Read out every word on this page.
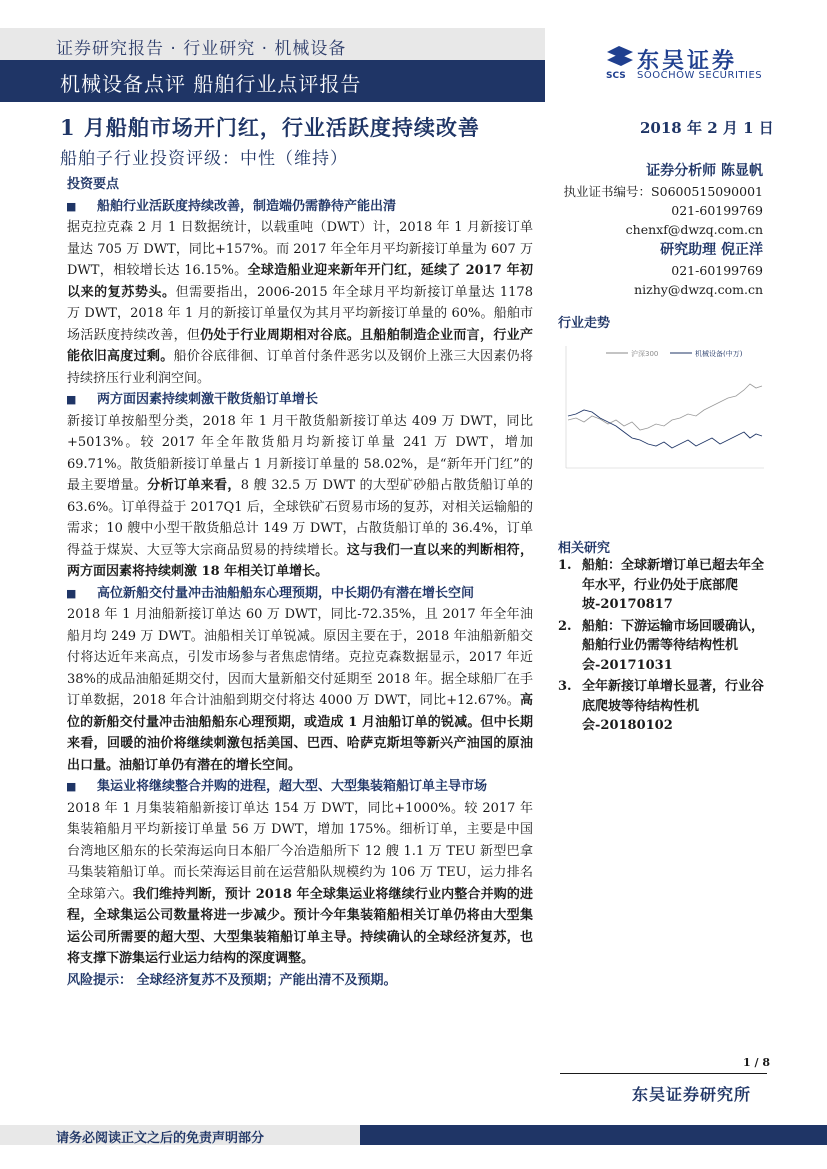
证券研究报告 · 行业研究 · 机械设备
机械设备点评 船舶行业点评报告	SCS
东吴证券
SOOCHOW SECURITIES
1 月船舶市场开门红，行业活跃度持续改善	2018 年 2 月 1 日
船舶子行业投资评级：中性（维持）
证券分析师 陈显帆
执业证书编号：S0600515090001
021-60199769
chenxf@dwzq.com.cn
研究助理 倪正洋
021-60199769
nizhy@dwzq.com.cn
行业走势
沪深300	机械设备(中万)
相关研究
1. 船舶：全球新增订单已超去年全年水平，行业仍处于底部爬坡-20170817
2. 船舶：下游运输市场回暖确认，船舶行业仍需等待结构性机会-20171031
3. 全年新接订单增长显著，行业谷底爬坡等待结构性机会-20180102
投资要点
■	船舶行业活跃度持续改善，制造端仍需静待产能出清

据克拉克森 2 月 1 日数据统计，以载重吨（DWT）计，2018 年 1 月新接订单量达 705 万 DWT，同比+157%。而 2017 年全年月平均新接订单量为 607 万 DWT，相较增长达 16.15%。全球造船业迎来新年开门红，延续了 2017 年初以来的复苏势头。但需要指出，2006-2015 年全球月平均新接订单量达 1178 万 DWT，2018 年 1 月的新接订单量仅为其月平均新接订单量的 60%。船舶市场活跃度持续改善，但仍处于行业周期相对谷底。且船舶制造企业而言，行业产能依旧高度过剩。船价谷底徘徊、订单首付条件恶劣以及钢价上涨三大因素仍将持续挤压行业利润空间。

■	两方面因素持续刺激干散货船订单增长

新接订单按船型分类，2018 年 1 月干散货船新接订单达 409 万 DWT，同比+5013%。较 2017 年全年散货船月均新接订单量 241 万 DWT，增加 69.71%。散货船新接订单量占 1 月新接订单量的 58.02%，是“新年开门红”的最主要增量。分析订单来看，8 艘 32.5 万 DWT 的大型矿砂船占散货船订单的 63.6%。订单得益于 2017Q1 后，全球铁矿石贸易市场的复苏，对相关运输船的需求；10 艘中小型干散货船总计 149 万 DWT，占散货船订单的 36.4%，订单得益于煤炭、大豆等大宗商品贸易的持续增长。这与我们一直以来的判断相符，两方面因素将持续刺激 18 年相关订单增长。

■	高位新船交付量冲击油船船东心理预期，中长期仍有潜在增长空间

2018 年 1 月油船新接订单达 60 万 DWT，同比-72.35%，且 2017 年全年油船月均 249 万 DWT。油船相关订单锐减。原因主要在于，2018 年油船新船交付将达近年来高点，引发市场参与者焦虑情绪。克拉克森数据显示，2017 年近 38%的成品油船延期交付，因而大量新船交付延期至 2018 年。据全球船厂在手订单数据，2018 年合计油船到期交付将达 4000 万 DWT，同比+12.67%。高位的新船交付量冲击油船船东心理预期，或造成 1 月油船订单的锐减。但中长期来看，回暖的油价将继续刺激包括美国、巴西、哈萨克斯坦等新兴产油国的原油出口量。油船订单仍有潜在的增长空间。

■	集运业将继续整合并购的进程，超大型、大型集装箱船订单主导市场

2018 年 1 月集装箱船新接订单达 154 万 DWT，同比+1000%。较 2017 年集装箱船月平均新接订单量 56 万 DWT，增加 175%。细析订单，主要是中国台湾地区船东的长荣海运向日本船厂今冶造船所下 12 艘 1.1 万 TEU 新型巴拿马集装箱船订单。而长荣海运目前在运营船队规模约为 106 万 TEU，运力排名全球第六。我们维持判断，预计 2018 年全球集运业将继续行业内整合并购的进程，全球集运公司数量将进一步减少。预计今年集装箱船相关订单仍将由大型集运公司所需要的超大型、大型集装箱船订单主导。持续确认的全球经济复苏，也将支撑下游集运行业运力结构的深度调整。

风险提示： 全球经济复苏不及预期；产能出清不及预期。
1 / 8
东吴证券研究所
请务必阅读正文之后的免责声明部分
